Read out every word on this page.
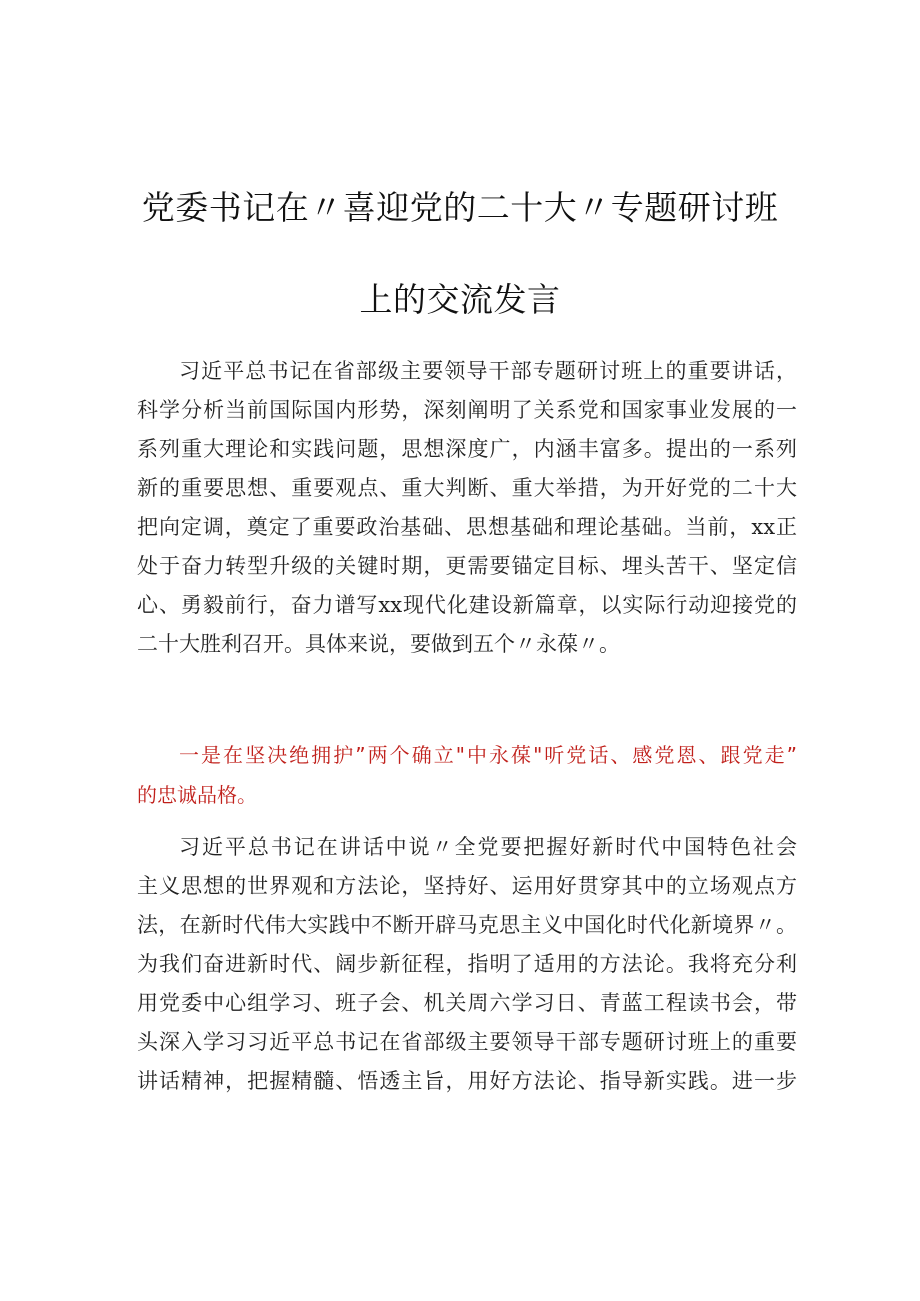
党委书记在〃喜迎党的二十大〃专题研讨班
上的交流发言
习近平总书记在省部级主要领导干部专题研讨班上的重要讲话，
科学分析当前国际国内形势，深刻阐明了关系党和国家事业发展的一
系列重大理论和实践问题，思想深度广，内涵丰富多。提出的一系列
新的重要思想、重要观点、重大判断、重大举措，为开好党的二十大
把向定调，奠定了重要政治基础、思想基础和理论基础。当前，xx正
处于奋力转型升级的关键时期，更需要锚定目标、埋头苦干、坚定信
心、勇毅前行，奋力谱写xx现代化建设新篇章，以实际行动迎接党的
二十大胜利召开。具体来说，要做到五个〃永葆〃。
一是在坚决绝拥护”两个确立"中永葆"听党话、感党恩、跟党走”
的忠诚品格。
习近平总书记在讲话中说〃全党要把握好新时代中国特色社会
主义思想的世界观和方法论，坚持好、运用好贯穿其中的立场观点方
法，在新时代伟大实践中不断开辟马克思主义中国化时代化新境界〃。
为我们奋进新时代、阔步新征程，指明了适用的方法论。我将充分利
用党委中心组学习、班子会、机关周六学习日、青蓝工程读书会，带
头深入学习习近平总书记在省部级主要领导干部专题研讨班上的重要
讲话精神，把握精髓、悟透主旨，用好方法论、指导新实践。进一步
